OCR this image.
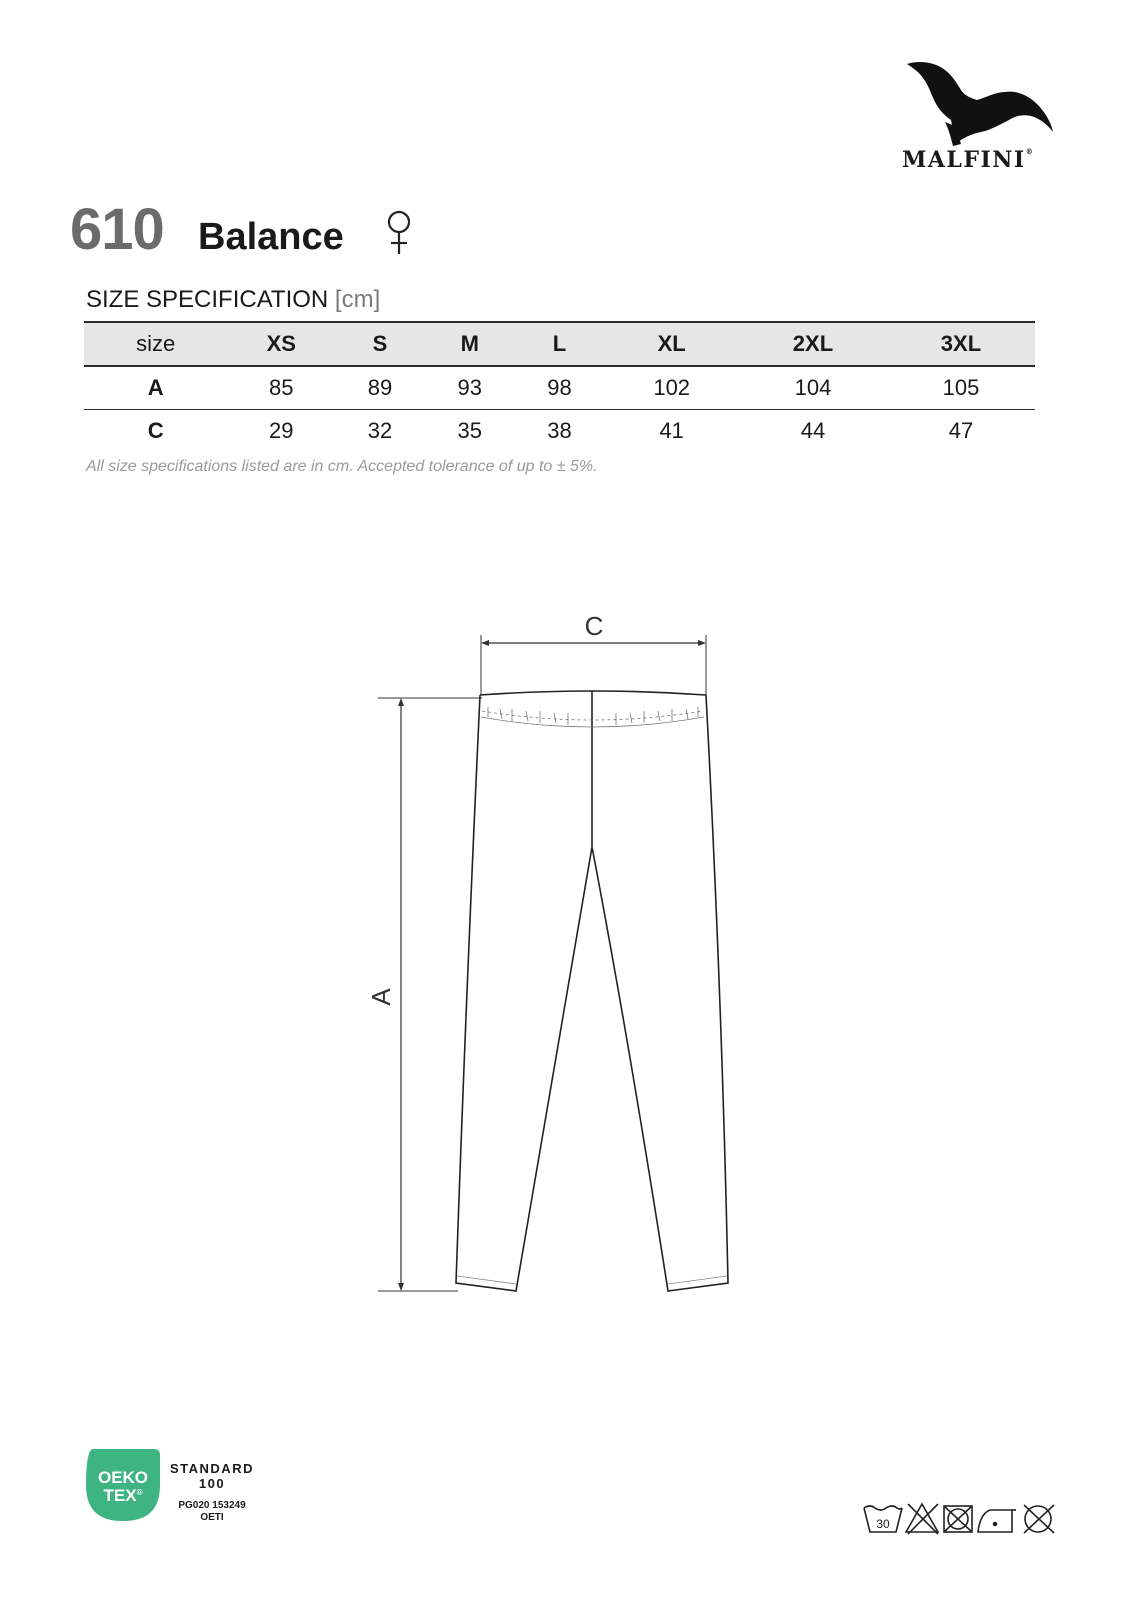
MALFINI®
610 Balance
SIZE SPECIFICATION [cm]
size	XS	S	M	L	XL	2XL	3XL
A	85	89	93	98	102	104	105
C	29	32	35	38	41	44	47
All size specifications listed are in cm. Accepted tolerance of up to ± 5%.
C
A
OEKO
TEX®
STANDARD
100
PG020 153249
OETI	30
